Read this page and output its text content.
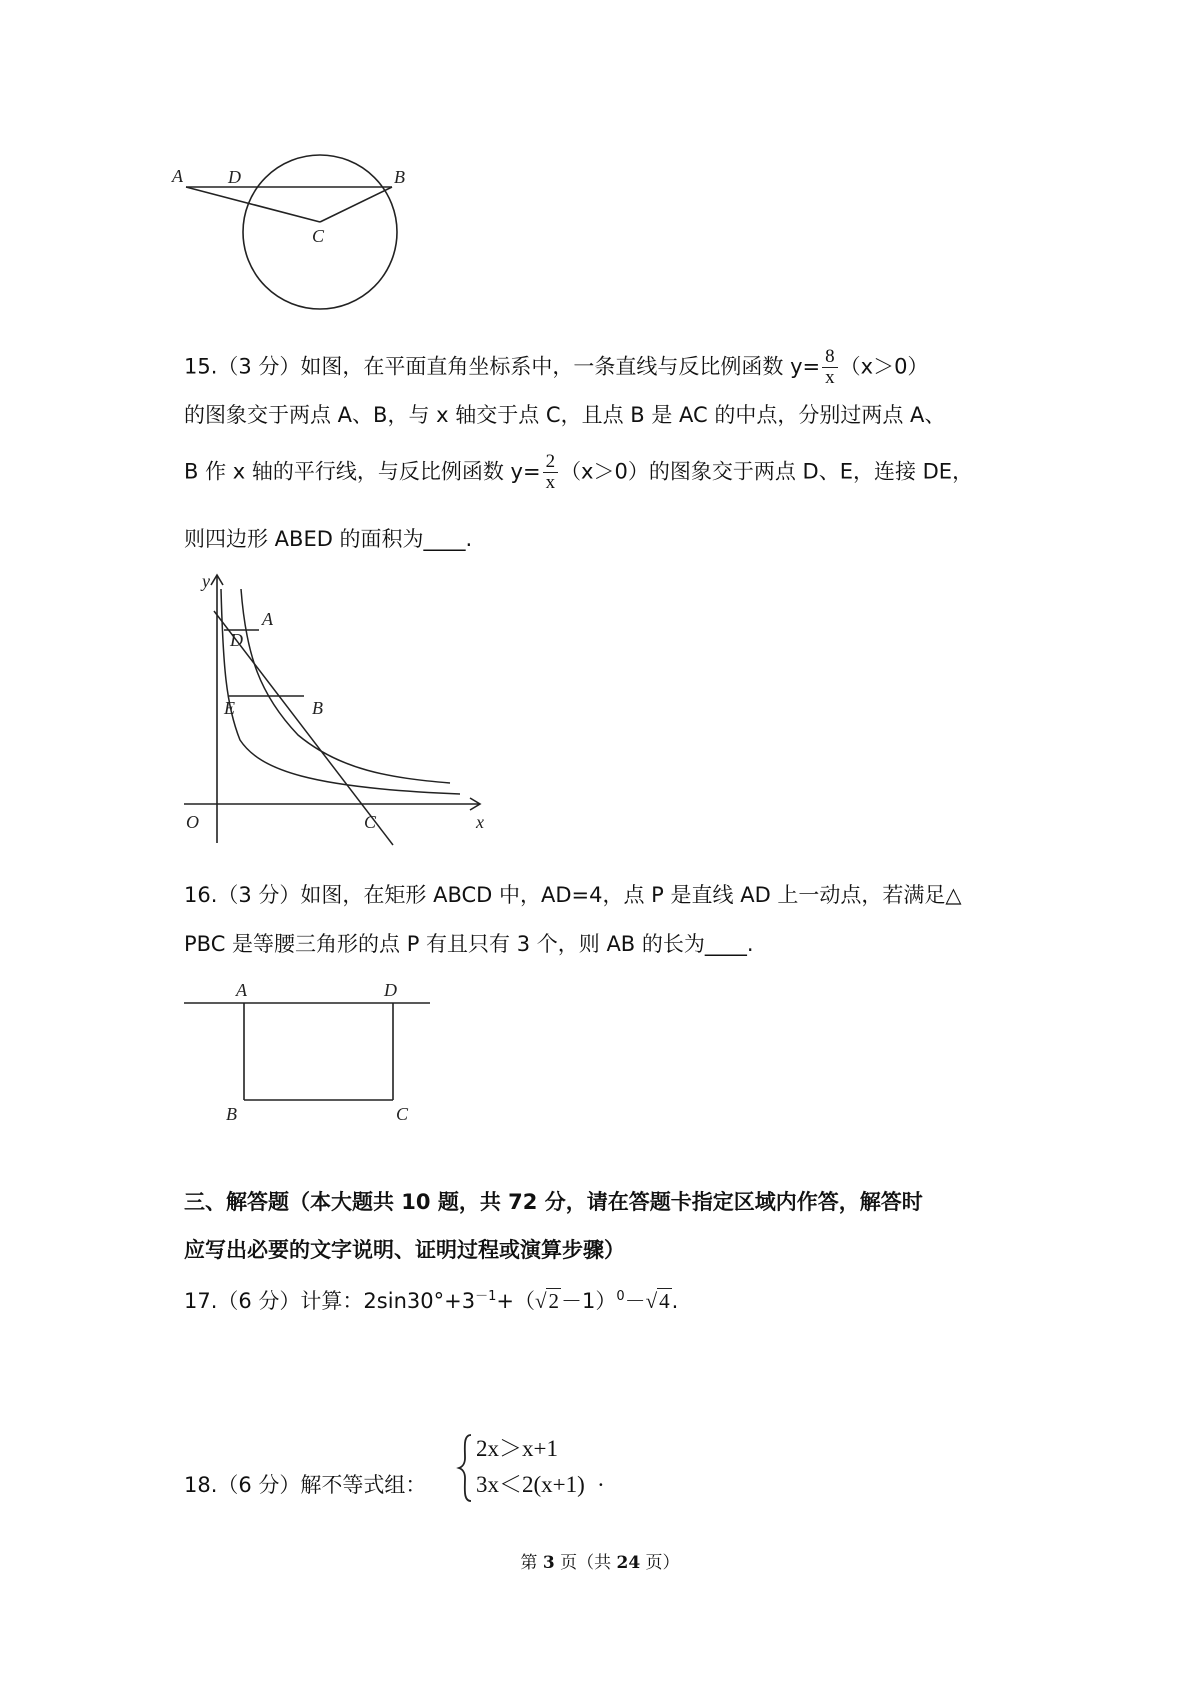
A	D	B
C
15.（3 分）如图，在平面直角坐标系中，一条直线与反比例函数 $y= \frac{8}{x} (x>0)$
的图象交于两点 A、B，与 x 轴交于点 C，且点 B 是 AC 的中点，分别过两点 A、
B 作 x 轴的平行线，与反比例函数 $y= \frac{2}{x} (x>0)$的图象交于两点 D、E，连接 DE，
则四边形 ABED 的面积为____.
y
x
O
A
D
E	B
C
16.（3 分）如图，在矩形 ABCD 中，AD=4，点 P 是直线 AD 上一动点，若满足△
PBC 是等腰三角形的点 P 有且只有 3 个，则 AB 的长为____.
A	D
B	C
三、解答题（本大题共 10 题，共 72 分，请在答题卡指定区域内作答，解答时
应写出必要的文字说明、证明过程或演算步骤）
17.（6 分）计算：$2\sin 30^\circ+3^{-1}+(√2-1)^0-√4$.
18.（6 分）解不等式组：
2x＞x+1
3x＜2(x+1) .
第 3 页（共 24 页）
